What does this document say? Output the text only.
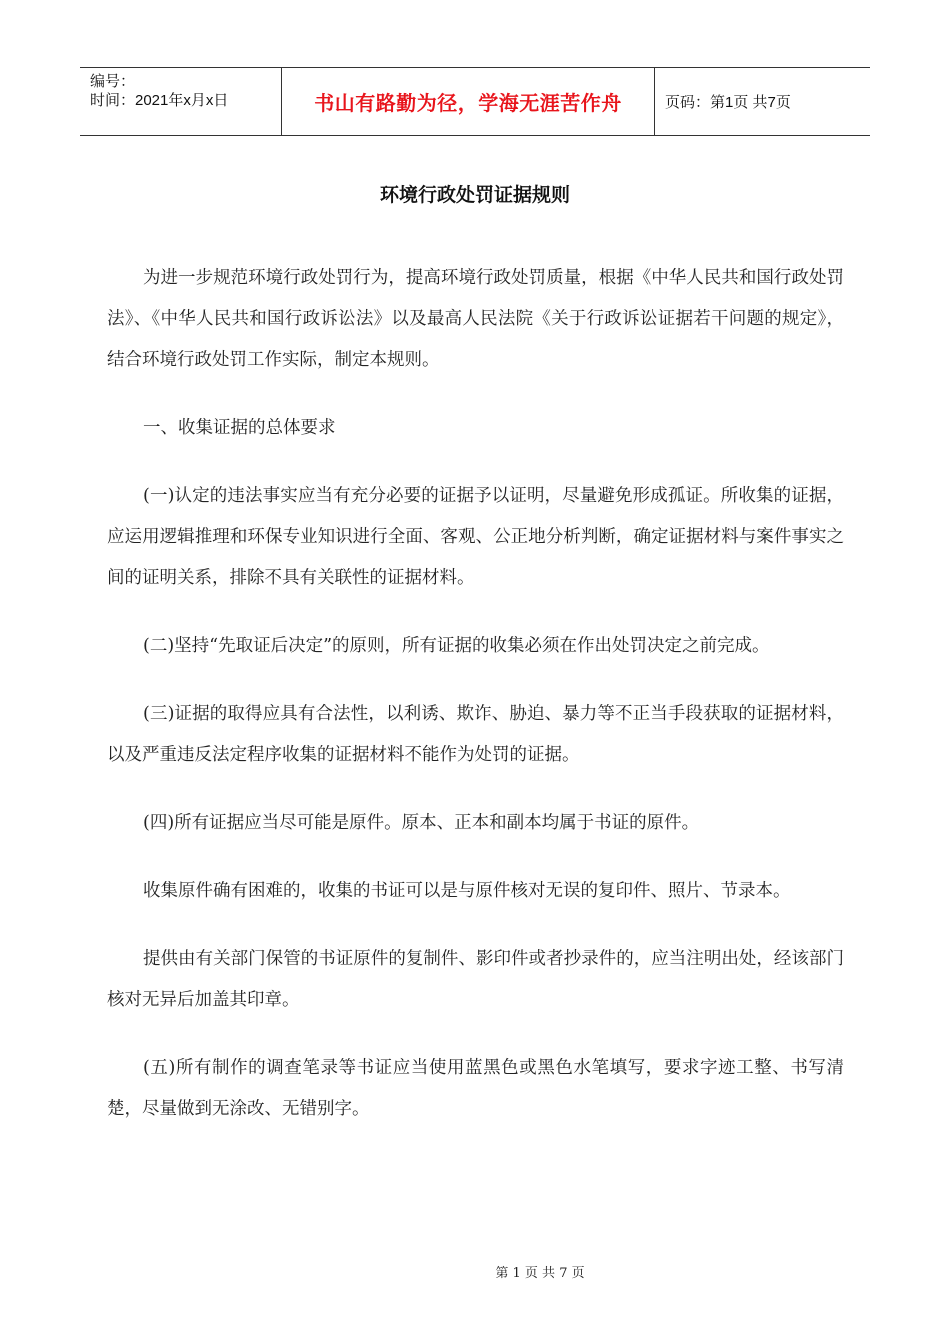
编号：
时间：2021年x月x日	书山有路勤为径，学海无涯苦作舟	页码：第1页 共7页
环境行政处罚证据规则

为进一步规范环境行政处罚行为，提高环境行政处罚质量，根据《中华人民共和国行政处罚法》、《中华人民共和国行政诉讼法》以及最高人民法院《关于行政诉讼证据若干问题的规定》，结合环境行政处罚工作实际，制定本规则。

一、收集证据的总体要求

(一)认定的违法事实应当有充分必要的证据予以证明，尽量避免形成孤证。所收集的证据，应运用逻辑推理和环保专业知识进行全面、客观、公正地分析判断，确定证据材料与案件事实之间的证明关系，排除不具有关联性的证据材料。

(二)坚持“先取证后决定”的原则，所有证据的收集必须在作出处罚决定之前完成。

(三)证据的取得应具有合法性，以利诱、欺诈、胁迫、暴力等不正当手段获取的证据材料，以及严重违反法定程序收集的证据材料不能作为处罚的证据。

(四)所有证据应当尽可能是原件。原本、正本和副本均属于书证的原件。

收集原件确有困难的，收集的书证可以是与原件核对无误的复印件、照片、节录本。

提供由有关部门保管的书证原件的复制件、影印件或者抄录件的，应当注明出处，经该部门核对无异后加盖其印章。

(五)所有制作的调查笔录等书证应当使用蓝黑色或黑色水笔填写，要求字迹工整、书写清楚，尽量做到无涂改、无错别字。

第 1 页 共 7 页
